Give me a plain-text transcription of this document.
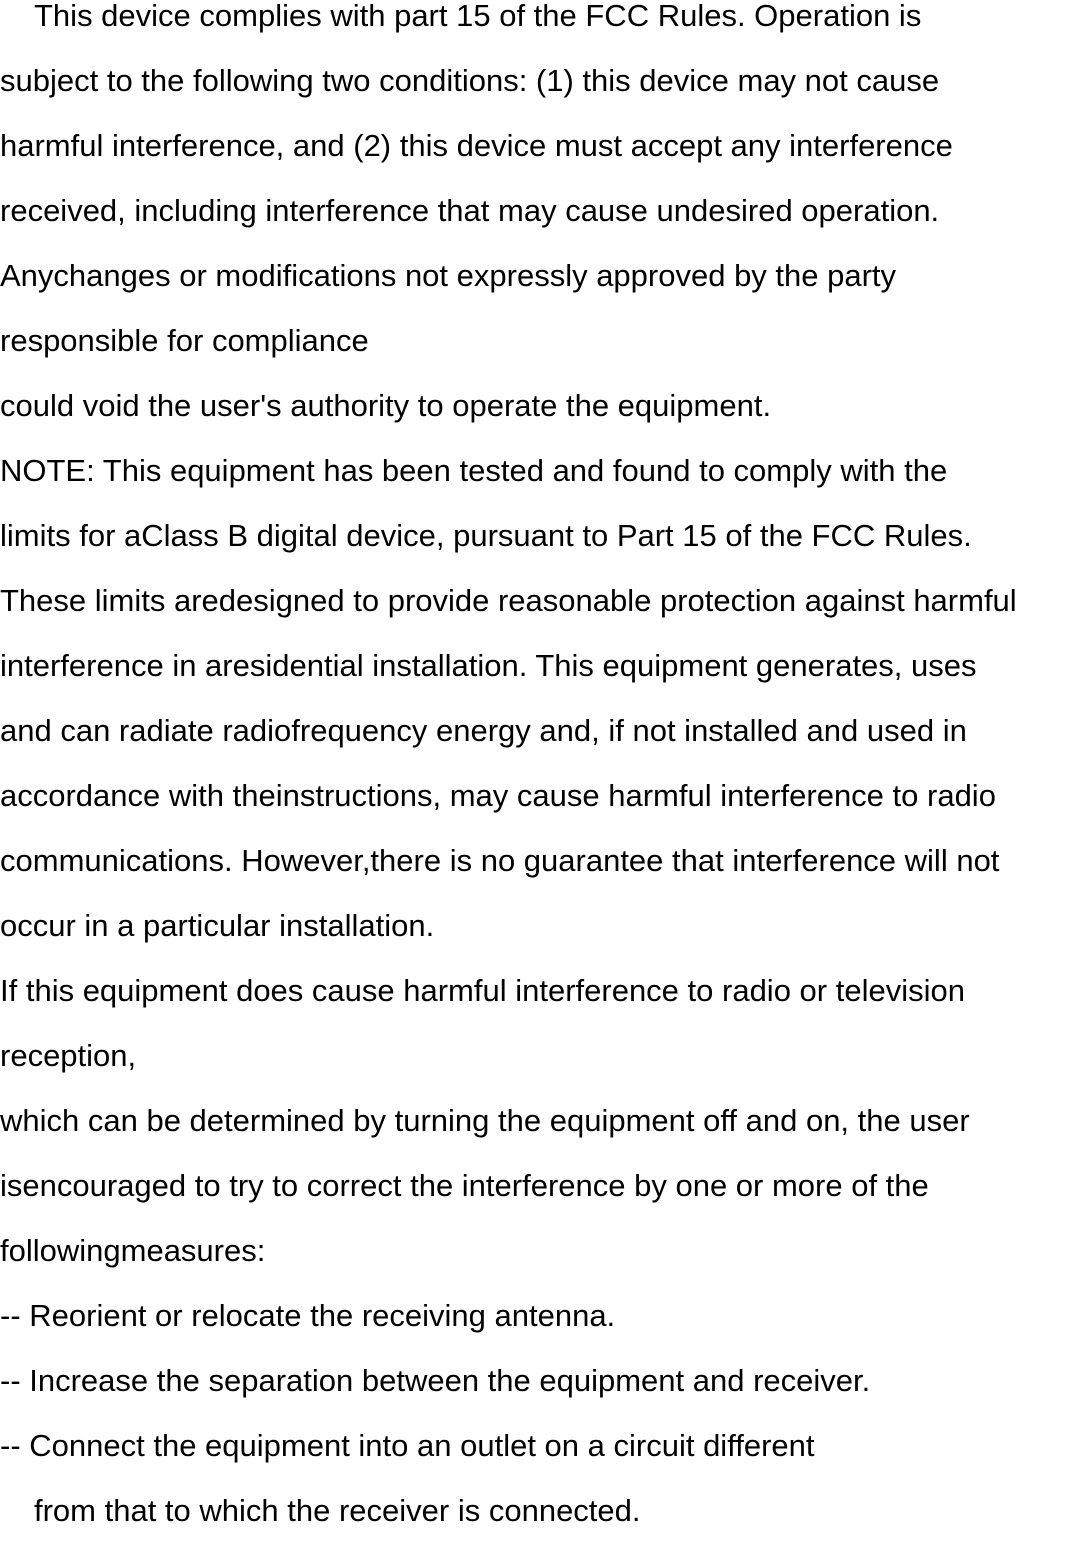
This device complies with part 15 of the FCC Rules. Operation is
subject to the following two conditions: (1) this device may not cause
harmful interference, and (2) this device must accept any interference
received, including interference that may cause undesired operation.
Anychanges or modifications not expressly approved by the party
responsible for compliance
could void the user's authority to operate the equipment.
NOTE: This equipment has been tested and found to comply with the
limits for aClass B digital device, pursuant to Part 15 of the FCC Rules.
These limits aredesigned to provide reasonable protection against harmful
interference in aresidential installation. This equipment generates, uses
and can radiate radiofrequency energy and, if not installed and used in
accordance with theinstructions, may cause harmful interference to radio
communications. However,there is no guarantee that interference will not
occur in a particular installation.
If this equipment does cause harmful interference to radio or television
reception,
which can be determined by turning the equipment off and on, the user
isencouraged to try to correct the interference by one or more of the
followingmeasures:
-- Reorient or relocate the receiving antenna.
-- Increase the separation between the equipment and receiver.
-- Connect the equipment into an outlet on a circuit different
from that to which the receiver is connected.
